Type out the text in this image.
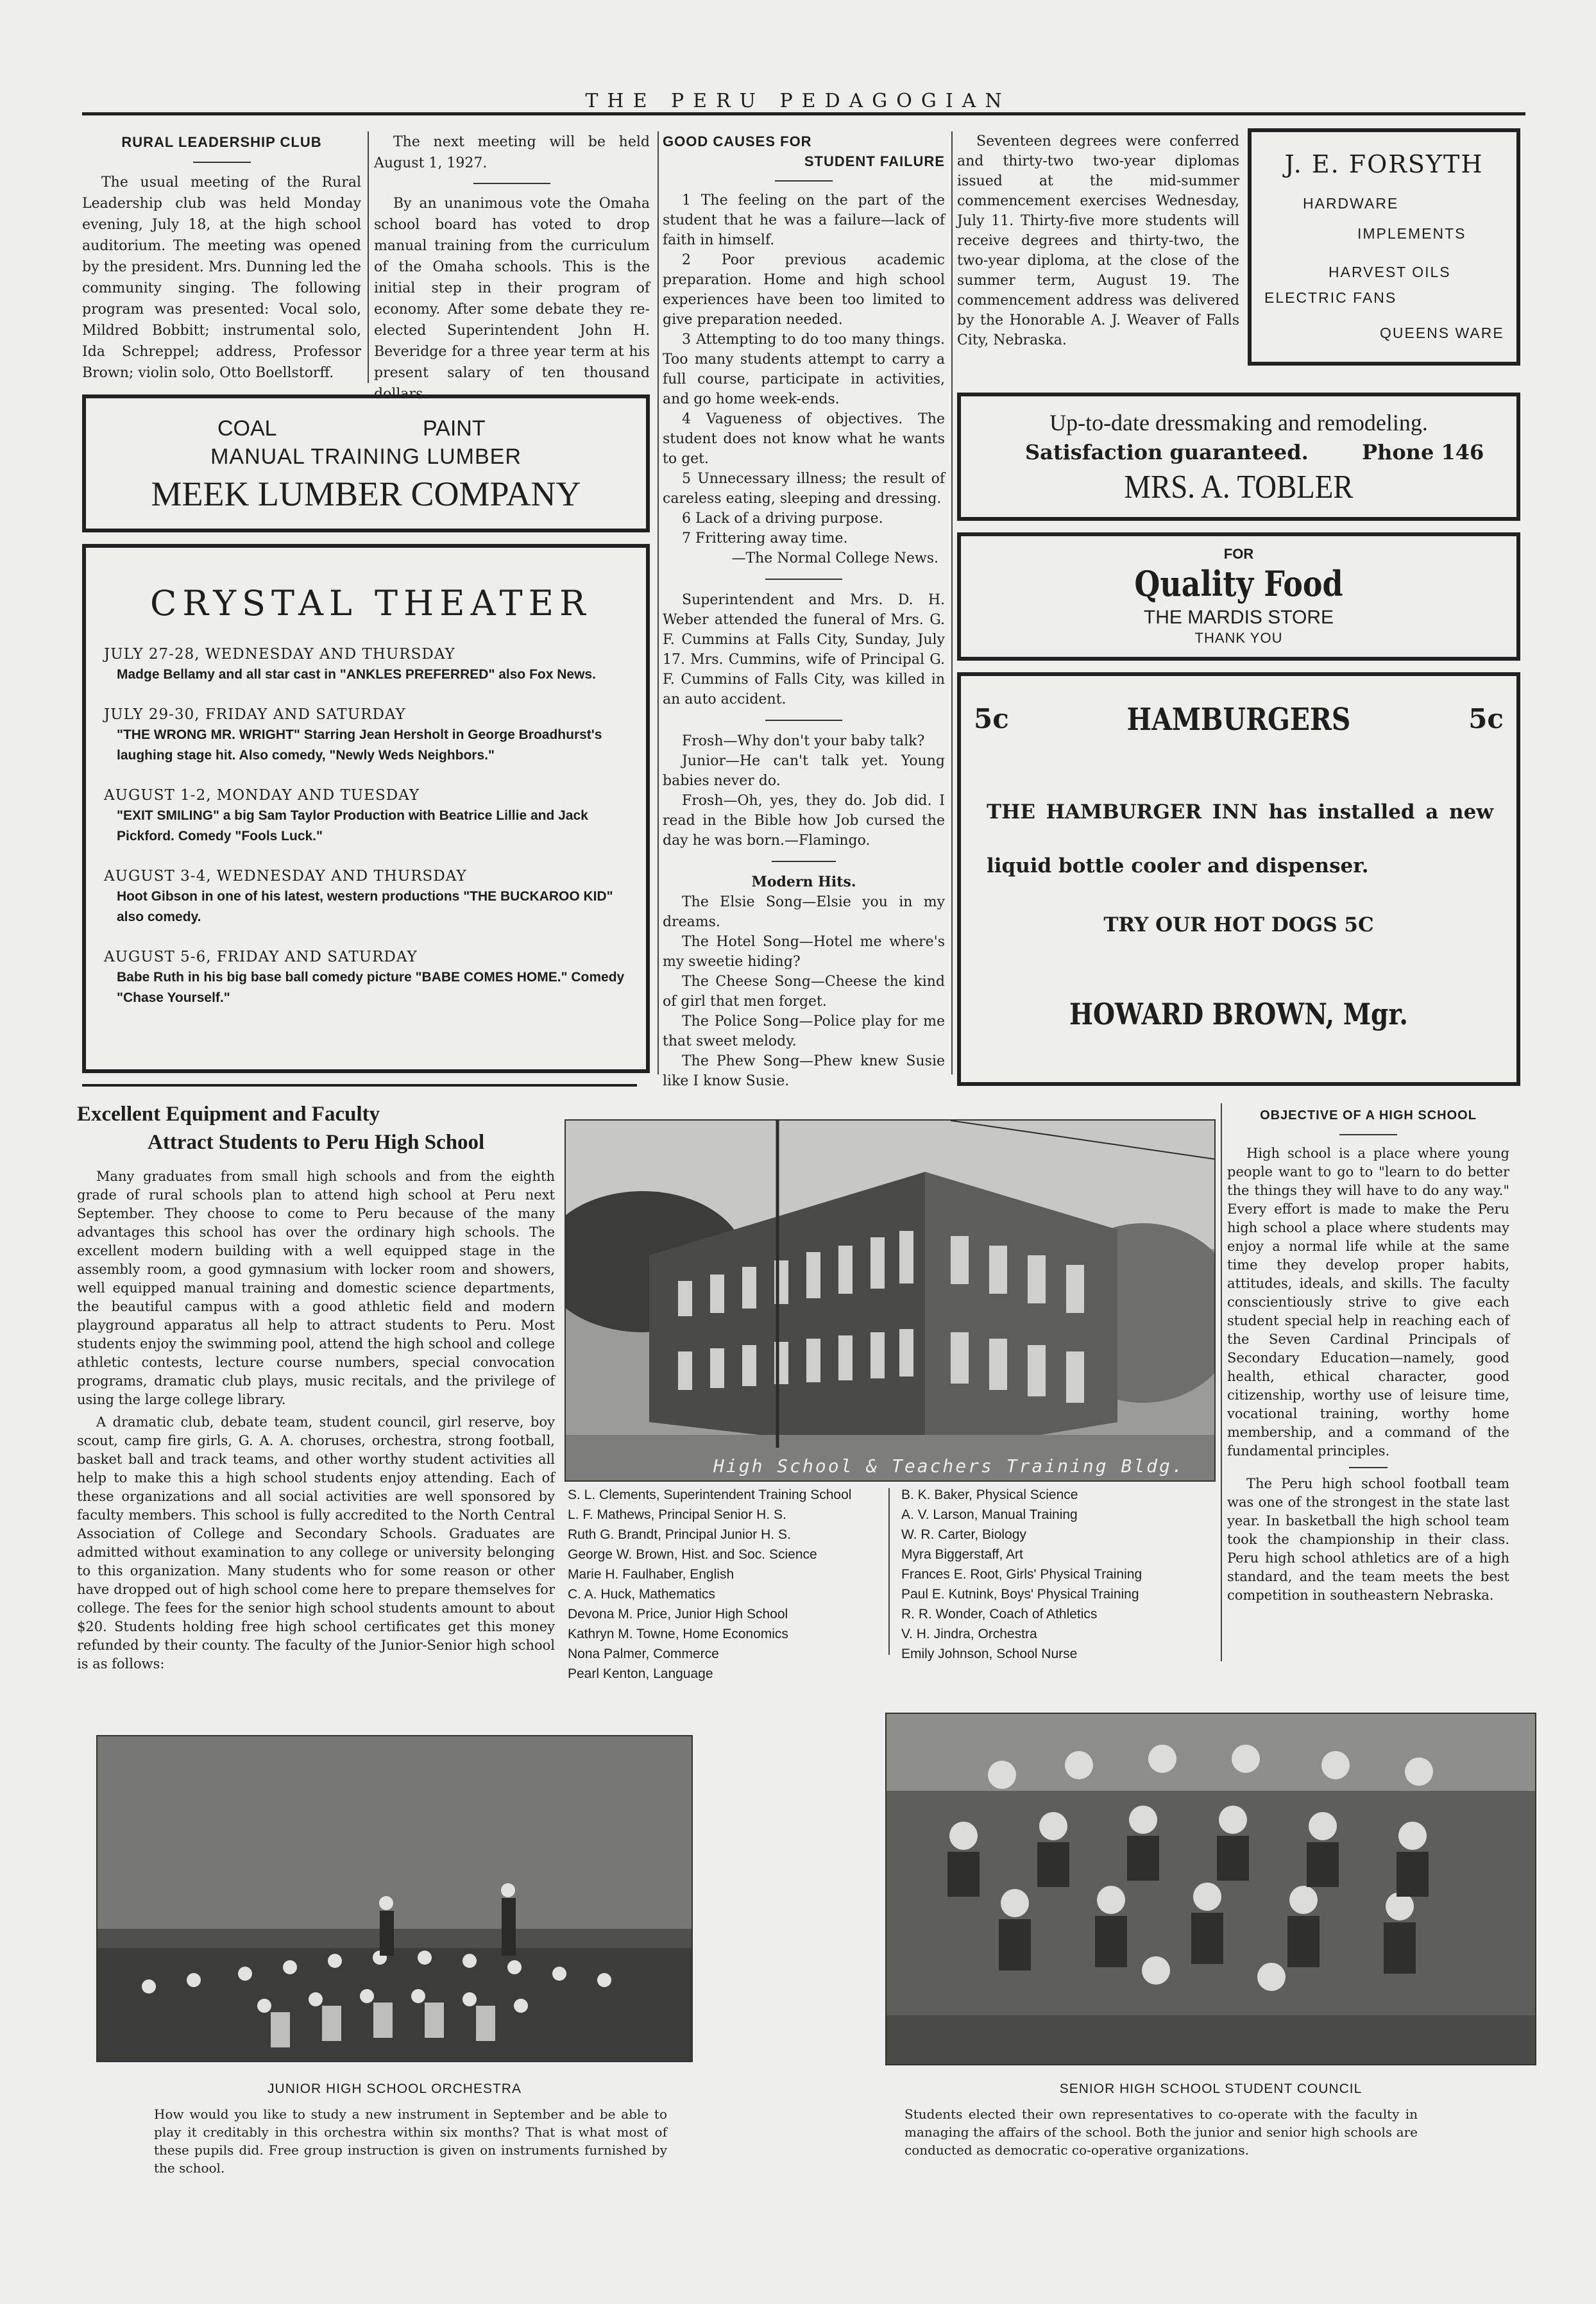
THE PERU PEDAGOGIAN
RURAL LEADERSHIP CLUB

The usual meeting of the Rural Leadership club was held Monday evening, July 18, at the high school auditorium. The meeting was opened by the president. Mrs. Dunning led the community singing. The following program was presented: Vocal solo, Mildred Bobbitt; instrumental solo, Ida Schreppel; address, Professor Brown; violin solo, Otto Boellstorff.

The next meeting will be held August 1, 1927.

By an unanimous vote the Omaha school board has voted to drop manual training from the curriculum of the Omaha schools. This is the initial step in their program of economy. After some debate they re-elected Superintendent John H. Beveridge for a three year term at his present salary of ten thousand dollars.

COAL	PAINT
MANUAL TRAINING LUMBER
MEEK LUMBER COMPANY
CRYSTAL THEATER
JULY 27-28, WEDNESDAY AND THURSDAY
Madge Bellamy and all star cast in "ANKLES PREFERRED" also Fox News.
JULY 29-30, FRIDAY AND SATURDAY
"THE WRONG MR. WRIGHT" Starring Jean Hersholt in George Broadhurst's laughing stage hit. Also comedy, "Newly Weds Neighbors."
AUGUST 1-2, MONDAY AND TUESDAY
"EXIT SMILING" a big Sam Taylor Production with Beatrice Lillie and Jack Pickford. Comedy "Fools Luck."
AUGUST 3-4, WEDNESDAY AND THURSDAY
Hoot Gibson in one of his latest, western productions "THE BUCKAROO KID" also comedy.
AUGUST 5-6, FRIDAY AND SATURDAY
Babe Ruth in his big base ball comedy picture "BABE COMES HOME." Comedy "Chase Yourself."
GOOD CAUSES FOR
STUDENT FAILURE

1 The feeling on the part of the student that he was a failure—lack of faith in himself.

2 Poor previous academic preparation. Home and high school experiences have been too limited to give preparation needed.

3 Attempting to do too many things. Too many students attempt to carry a full course, participate in activities, and go home week-ends.

4 Vagueness of objectives. The student does not know what he wants to get.

5 Unnecessary illness; the result of careless eating, sleeping and dressing.

6 Lack of a driving purpose.

7 Frittering away time.

—The Normal College News.

Superintendent and Mrs. D. H. Weber attended the funeral of Mrs. G. F. Cummins at Falls City, Sunday, July 17. Mrs. Cummins, wife of Principal G. F. Cummins of Falls City, was killed in an auto accident.

Frosh—Why don't your baby talk?

Junior—He can't talk yet. Young babies never do.

Frosh—Oh, yes, they do. Job did. I read in the Bible how Job cursed the day he was born.—Flamingo.

Modern Hits.

The Elsie Song—Elsie you in my dreams.

The Hotel Song—Hotel me where's my sweetie hiding?

The Cheese Song—Cheese the kind of girl that men forget.

The Police Song—Police play for me that sweet melody.

The Phew Song—Phew knew Susie like I know Susie.

Seventeen degrees were conferred and thirty-two two-year diplomas issued at the mid-summer commencement exercises Wednesday, July 11. Thirty-five more students will receive degrees and thirty-two, the two-year diploma, at the close of the summer term, August 19. The commencement address was delivered by the Honorable A. J. Weaver of Falls City, Nebraska.

J. E. FORSYTH
HARDWARE
IMPLEMENTS
HARVEST OILS
ELECTRIC FANS
QUEENS WARE
Up-to-date dressmaking and remodeling.
Satisfaction guaranteed.	Phone 146
MRS. A. TOBLER
FOR
Quality Food
THE MARDIS STORE
THANK YOU
5c	HAMBURGERS	5c
THE HAMBURGER INN has installed a new liquid bottle cooler and dispenser.
TRY OUR HOT DOGS 5C
HOWARD BROWN, Mgr.
Excellent Equipment and Faculty
Attract Students to Peru High School

Many graduates from small high schools and from the eighth grade of rural schools plan to attend high school at Peru next September. They choose to come to Peru because of the many advantages this school has over the ordinary high schools. The excellent modern building with a well equipped stage in the assembly room, a good gymnasium with locker room and showers, well equipped manual training and domestic science departments, the beautiful campus with a good athletic field and modern playground apparatus all help to attract students to Peru. Most students enjoy the swimming pool, attend the high school and college athletic contests, lecture course numbers, special convocation programs, dramatic club plays, music recitals, and the privilege of using the large college library.

A dramatic club, debate team, student council, girl reserve, boy scout, camp fire girls, G. A. A. choruses, orchestra, strong football, basket ball and track teams, and other worthy student activities all help to make this a high school students enjoy attending. Each of these organizations and all social activities are well sponsored by faculty members. This school is fully accredited to the North Central Association of College and Secondary Schools. Graduates are admitted without examination to any college or university belonging to this organization. Many students who for some reason or other have dropped out of high school come here to prepare themselves for college. The fees for the senior high school students amount to about $20. Students holding free high school certificates get this money refunded by their county. The faculty of the Junior-Senior high school is as follows:

High School & Teachers Training Bldg.
S. L. Clements, Superintendent Training School
L. F. Mathews, Principal Senior H. S.
Ruth G. Brandt, Principal Junior H. S.
George W. Brown, Hist. and Soc. Science
Marie H. Faulhaber, English
C. A. Huck, Mathematics
Devona M. Price, Junior High School
Kathryn M. Towne, Home Economics
Nona Palmer, Commerce
Pearl Kenton, Language
B. K. Baker, Physical Science
A. V. Larson, Manual Training
W. R. Carter, Biology
Myra Biggerstaff, Art
Frances E. Root, Girls' Physical Training
Paul E. Kutnink, Boys' Physical Training
R. R. Wonder, Coach of Athletics
V. H. Jindra, Orchestra
Emily Johnson, School Nurse
OBJECTIVE OF A HIGH SCHOOL

High school is a place where young people want to go to "learn to do better the things they will have to do any way." Every effort is made to make the Peru high school a place where students may enjoy a normal life while at the same time they develop proper habits, attitudes, ideals, and skills. The faculty conscientiously strive to give each student special help in reaching each of the Seven Cardinal Principals of Secondary Education—namely, good health, ethical character, good citizenship, worthy use of leisure time, vocational training, worthy home membership, and a command of the fundamental principles.

The Peru high school football team was one of the strongest in the state last year. In basketball the high school team took the championship in their class. Peru high school athletics are of a high standard, and the team meets the best competition in southeastern Nebraska.

JUNIOR HIGH SCHOOL ORCHESTRA
How would you like to study a new instrument in September and be able to play it creditably in this orchestra within six months? That is what most of these pupils did. Free group instruction is given on instruments furnished by the school.
SENIOR HIGH SCHOOL STUDENT COUNCIL
Students elected their own representatives to co-operate with the faculty in managing the affairs of the school. Both the junior and senior high schools are conducted as democratic co-operative organizations.
